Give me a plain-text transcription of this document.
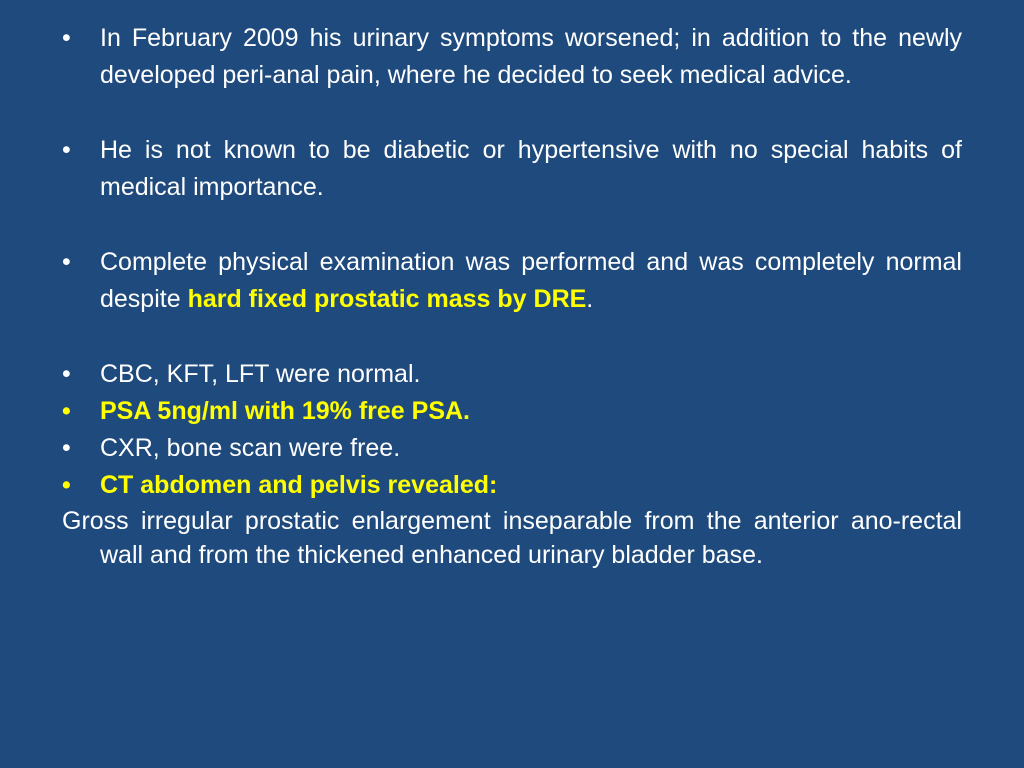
•	In February 2009 his urinary symptoms worsened; in addition to the newly developed peri-anal pain, where he decided to seek medical advice.
•	He is not known to be diabetic or hypertensive with no special habits of medical importance.
•	Complete physical examination was performed and was completely normal despite hard fixed prostatic mass by DRE.
•	CBC, KFT, LFT were normal.
•	PSA 5ng/ml with 19% free PSA.
•	CXR, bone scan were free.
•	CT abdomen and pelvis revealed:
Gross irregular prostatic enlargement inseparable from the anterior ano-rectal wall and from the thickened enhanced urinary bladder base.
